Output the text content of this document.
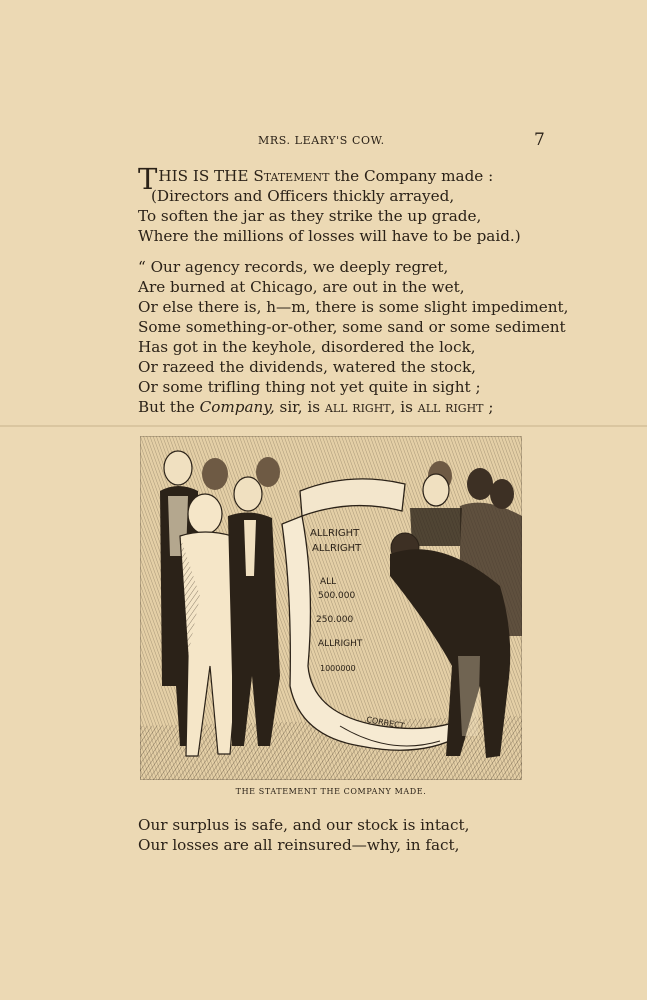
MRS. LEARY'S COW.	7
THIS IS THE Statement the Company made :
(Directors and Officers thickly arrayed,
To soften the jar as they strike the up grade,
Where the millions of losses will have to be paid.)
“ Our agency records, we deeply regret,
Are burned at Chicago, are out in the wet,
Or else there is, h—m, there is some slight impediment,
Some something-or-other, some sand or some sediment
Has got in the keyhole, disordered the lock,
Or razeed the dividends, watered the stock,
Or some trifling thing not yet quite in sight ;
But the Company, sir, is all right, is all right ;
ALLRIGHT
ALLRIGHT
ALL
500.000
250.000
ALLRIGHT
1000000
CORRECT
THE STATEMENT THE COMPANY MADE.
Our surplus is safe, and our stock is intact,
Our losses are all reinsured—why, in fact,
